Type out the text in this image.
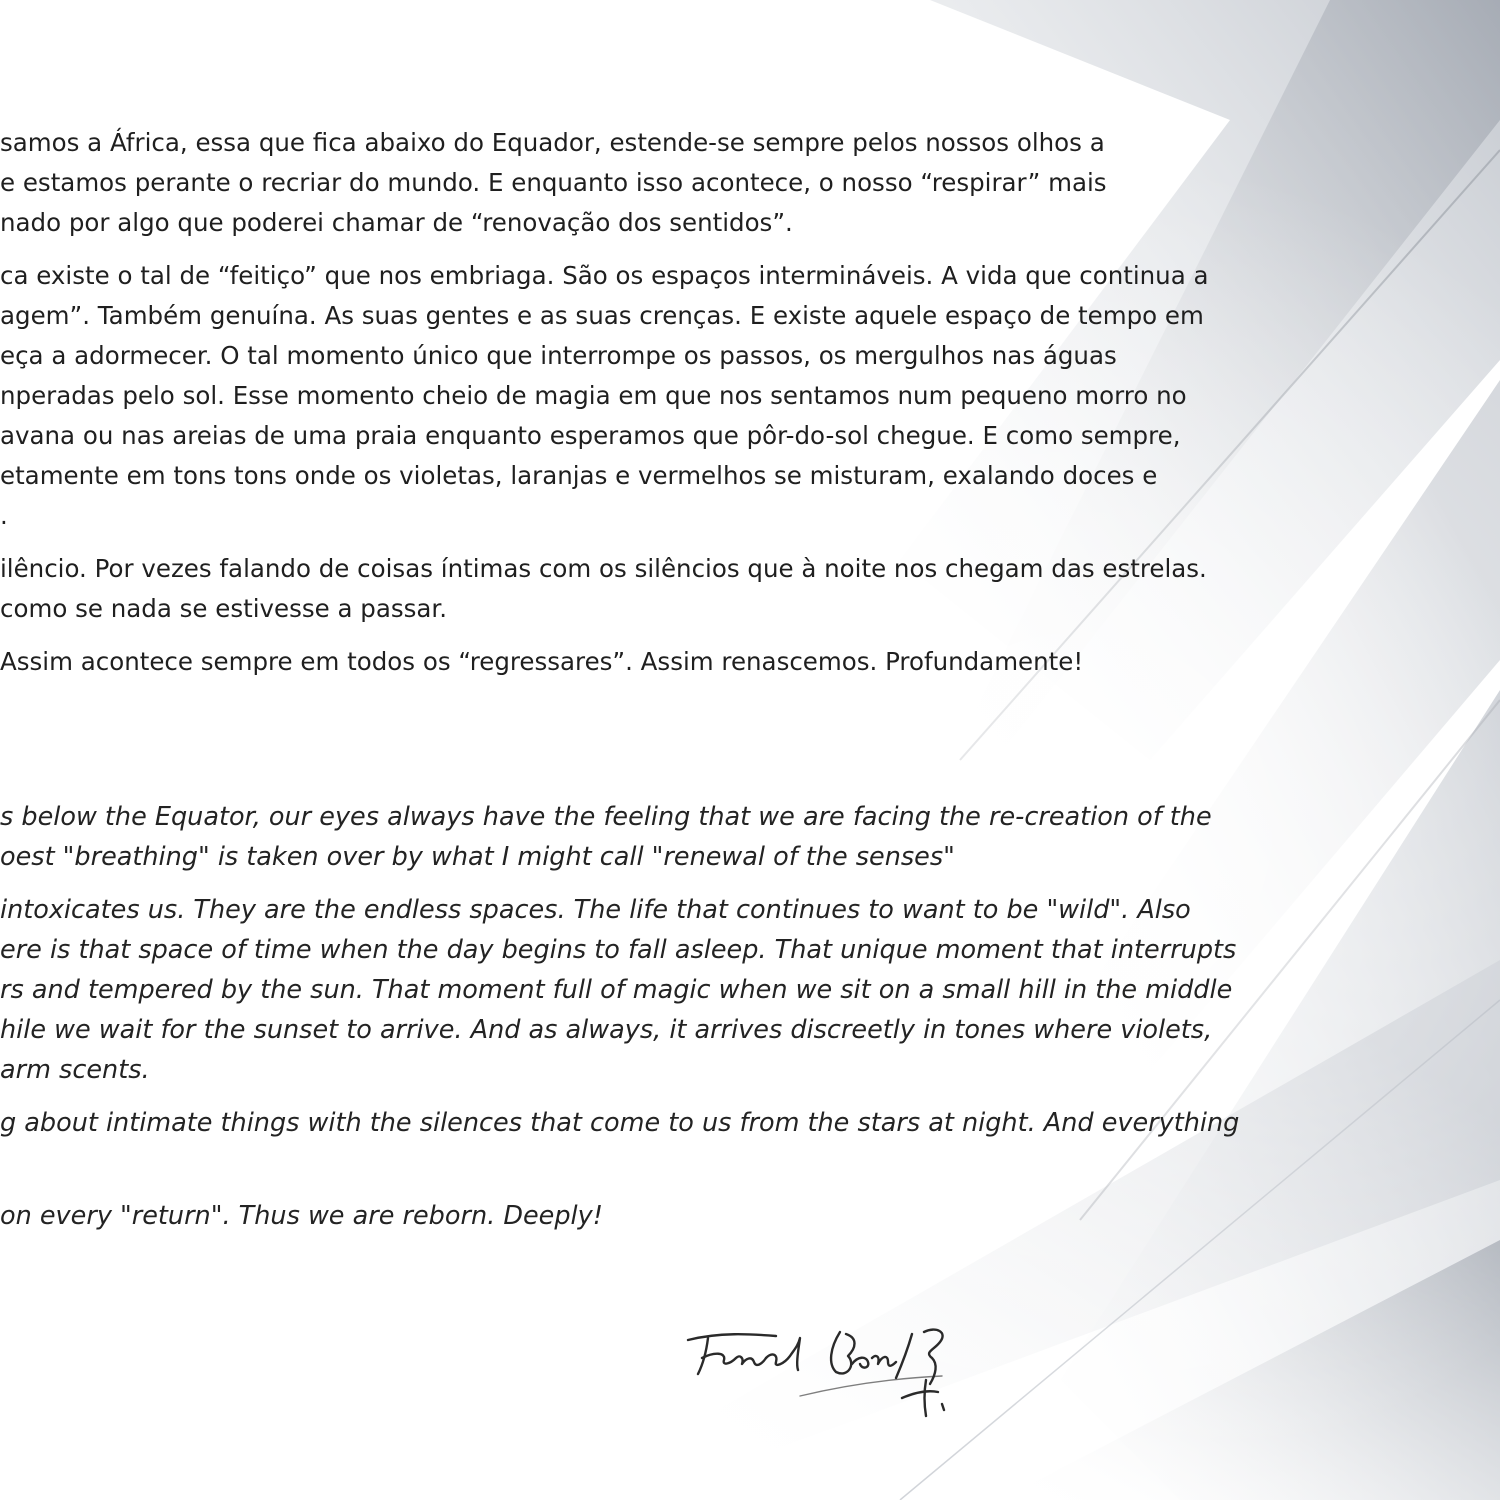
samos a África, essa que fica abaixo do Equador, estende-se sempre pelos nossos olhos a

e estamos perante o recriar do mundo. E enquanto isso acontece, o nosso “respirar” mais

nado por algo que poderei chamar de “renovação dos sentidos”.

ca existe o tal de “feitiço” que nos embriaga. São os espaços intermináveis. A vida que continua a

agem”. Também genuína. As suas gentes e as suas crenças. E existe aquele espaço de tempo em

eça a adormecer. O tal momento único que interrompe os passos, os mergulhos nas águas

nperadas pelo sol. Esse momento cheio de magia em que nos sentamos num pequeno morro no

avana ou nas areias de uma praia enquanto esperamos que pôr-do-sol chegue. E como sempre,

etamente em tons tons onde os violetas, laranjas e vermelhos se misturam, exalando doces e

.

ilêncio. Por vezes falando de coisas íntimas com os silêncios que à noite nos chegam das estrelas.

como se nada se estivesse a passar.

Assim acontece sempre em todos os “regressares”. Assim renascemos. Profundamente!

s below the Equator, our eyes always have the feeling that we are facing the re-creation of the

oest "breathing" is taken over by what I might call "renewal of the senses"

intoxicates us. They are the endless spaces. The life that continues to want to be "wild". Also

ere is that space of time when the day begins to fall asleep. That unique moment that interrupts

rs and tempered by the sun. That moment full of magic when we sit on a small hill in the middle

hile we wait for the sunset to arrive. And as always, it arrives discreetly in tones where violets,

arm scents.

g about intimate things with the silences that come to us from the stars at night. And everything

on every "return". Thus we are reborn. Deeply!
